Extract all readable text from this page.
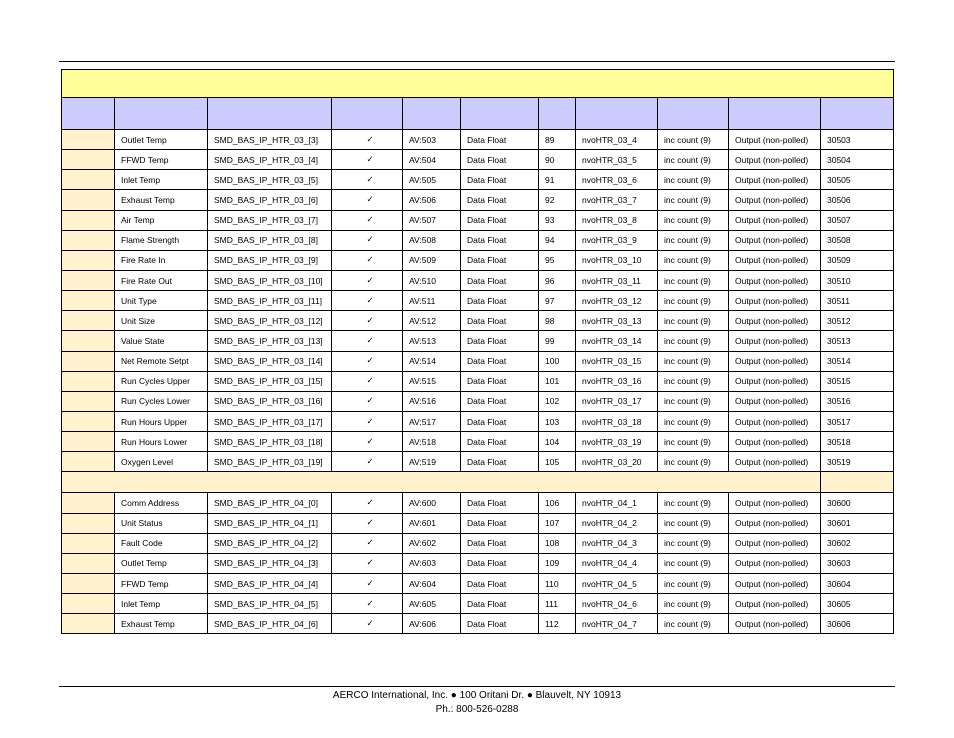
	Outlet Temp	SMD_BAS_IP_HTR_03_[3]	✓	AV:503	Data Float	89	nvoHTR_03_4	inc count (9)	Output (non-polled)	30503
	FFWD Temp	SMD_BAS_IP_HTR_03_[4]	✓	AV:504	Data Float	90	nvoHTR_03_5	inc count (9)	Output (non-polled)	30504
	Inlet Temp	SMD_BAS_IP_HTR_03_[5]	✓	AV:505	Data Float	91	nvoHTR_03_6	inc count (9)	Output (non-polled)	30505
	Exhaust Temp	SMD_BAS_IP_HTR_03_[6]	✓	AV:506	Data Float	92	nvoHTR_03_7	inc count (9)	Output (non-polled)	30506
	Air Temp	SMD_BAS_IP_HTR_03_[7]	✓	AV:507	Data Float	93	nvoHTR_03_8	inc count (9)	Output (non-polled)	30507
	Flame Strength	SMD_BAS_IP_HTR_03_[8]	✓	AV:508	Data Float	94	nvoHTR_03_9	inc count (9)	Output (non-polled)	30508
	Fire Rate In	SMD_BAS_IP_HTR_03_[9]	✓	AV:509	Data Float	95	nvoHTR_03_10	inc count (9)	Output (non-polled)	30509
	Fire Rate Out	SMD_BAS_IP_HTR_03_[10]	✓	AV:510	Data Float	96	nvoHTR_03_11	inc count (9)	Output (non-polled)	30510
	Unit Type	SMD_BAS_IP_HTR_03_[11]	✓	AV:511	Data Float	97	nvoHTR_03_12	inc count (9)	Output (non-polled)	30511
	Unit Size	SMD_BAS_IP_HTR_03_[12]	✓	AV:512	Data Float	98	nvoHTR_03_13	inc count (9)	Output (non-polled)	30512
	Value State	SMD_BAS_IP_HTR_03_[13]	✓	AV:513	Data Float	99	nvoHTR_03_14	inc count (9)	Output (non-polled)	30513
	Net Remote Setpt	SMD_BAS_IP_HTR_03_[14]	✓	AV:514	Data Float	100	nvoHTR_03_15	inc count (9)	Output (non-polled)	30514
	Run Cycles Upper	SMD_BAS_IP_HTR_03_[15]	✓	AV:515	Data Float	101	nvoHTR_03_16	inc count (9)	Output (non-polled)	30515
	Run Cycles Lower	SMD_BAS_IP_HTR_03_[16]	✓	AV:516	Data Float	102	nvoHTR_03_17	inc count (9)	Output (non-polled)	30516
	Run Hours Upper	SMD_BAS_IP_HTR_03_[17]	✓	AV:517	Data Float	103	nvoHTR_03_18	inc count (9)	Output (non-polled)	30517
	Run Hours Lower	SMD_BAS_IP_HTR_03_[18]	✓	AV:518	Data Float	104	nvoHTR_03_19	inc count (9)	Output (non-polled)	30518
	Oxygen Level	SMD_BAS_IP_HTR_03_[19]	✓	AV:519	Data Float	105	nvoHTR_03_20	inc count (9)	Output (non-polled)	30519

	Comm Address	SMD_BAS_IP_HTR_04_[0]	✓	AV:600	Data Float	106	nvoHTR_04_1	inc count (9)	Output (non-polled)	30600
	Unit Status	SMD_BAS_IP_HTR_04_[1]	✓	AV:601	Data Float	107	nvoHTR_04_2	inc count (9)	Output (non-polled)	30601
	Fault Code	SMD_BAS_IP_HTR_04_[2]	✓	AV:602	Data Float	108	nvoHTR_04_3	inc count (9)	Output (non-polled)	30602
	Outlet Temp	SMD_BAS_IP_HTR_04_[3]	✓	AV:603	Data Float	109	nvoHTR_04_4	inc count (9)	Output (non-polled)	30603
	FFWD Temp	SMD_BAS_IP_HTR_04_[4]	✓	AV:604	Data Float	110	nvoHTR_04_5	inc count (9)	Output (non-polled)	30604
	Inlet Temp	SMD_BAS_IP_HTR_04_[5]	✓	AV:605	Data Float	111	nvoHTR_04_6	inc count (9)	Output (non-polled)	30605
	Exhaust Temp	SMD_BAS_IP_HTR_04_[6]	✓	AV:606	Data Float	112	nvoHTR_04_7	inc count (9)	Output (non-polled)	30606
AERCO International, Inc. ● 100 Oritani Dr. ● Blauvelt, NY 10913
Ph.: 800-526-0288
